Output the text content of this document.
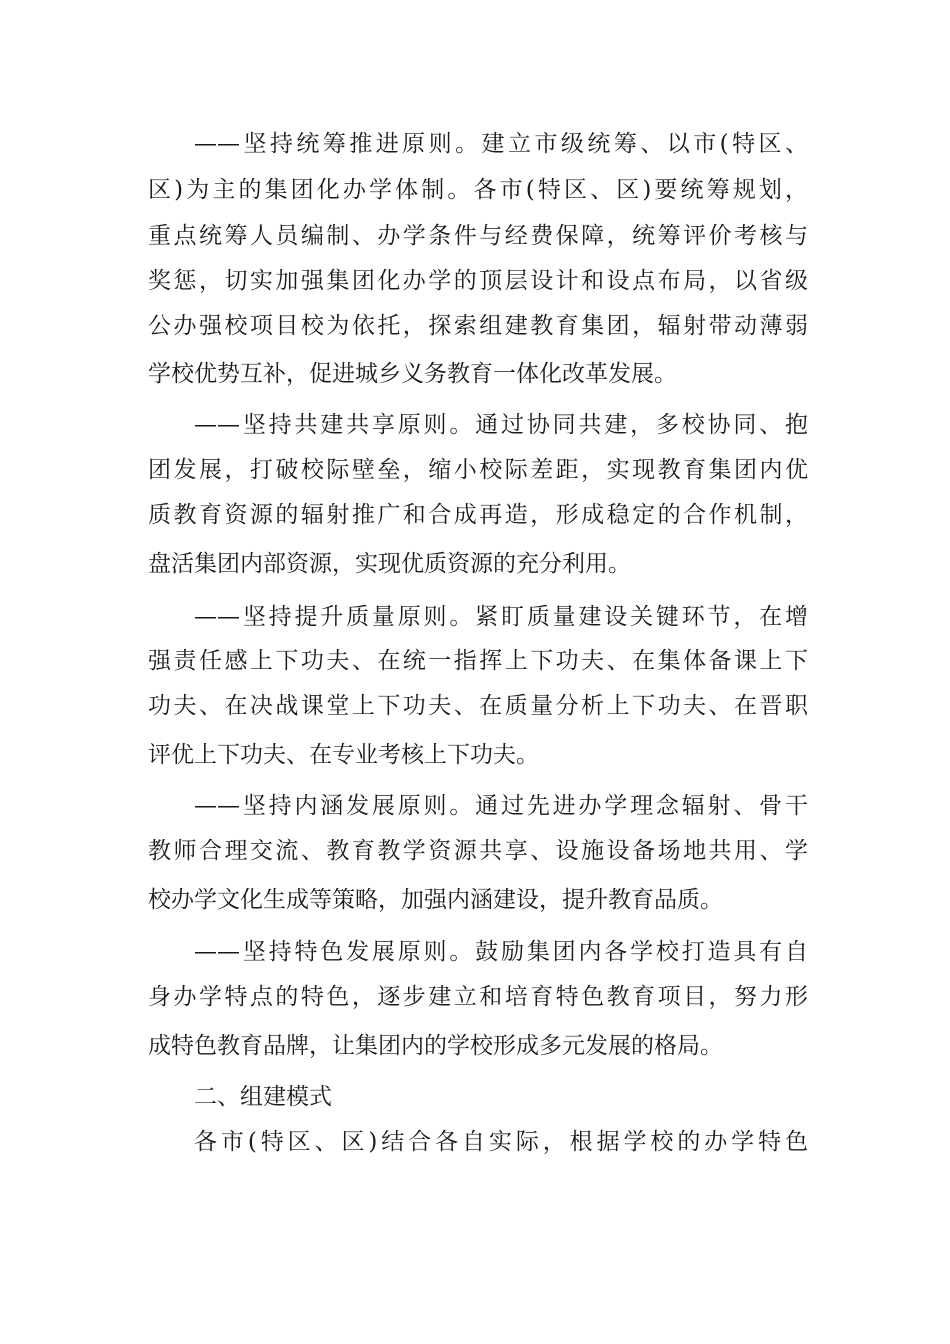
——坚持统筹推进原则。建立市级统筹、以市(特区、

区)为主的集团化办学体制。各市(特区、区)要统筹规划，

重点统筹人员编制、办学条件与经费保障，统筹评价考核与

奖惩，切实加强集团化办学的顶层设计和设点布局，以省级

公办强校项目校为依托，探索组建教育集团，辐射带动薄弱

学校优势互补，促进城乡义务教育一体化改革发展。

——坚持共建共享原则。通过协同共建，多校协同、抱

团发展，打破校际壁垒，缩小校际差距，实现教育集团内优

质教育资源的辐射推广和合成再造，形成稳定的合作机制，

盘活集团内部资源，实现优质资源的充分利用。

——坚持提升质量原则。紧盯质量建设关键环节，在增

强责任感上下功夫、在统一指挥上下功夫、在集体备课上下

功夫、在决战课堂上下功夫、在质量分析上下功夫、在晋职

评优上下功夫、在专业考核上下功夫。

——坚持内涵发展原则。通过先进办学理念辐射、骨干

教师合理交流、教育教学资源共享、设施设备场地共用、学

校办学文化生成等策略，加强内涵建设，提升教育品质。

——坚持特色发展原则。鼓励集团内各学校打造具有自

身办学特点的特色，逐步建立和培育特色教育项目，努力形

成特色教育品牌，让集团内的学校形成多元发展的格局。

二、组建模式

各市(特区、区)结合各自实际，根据学校的办学特色
